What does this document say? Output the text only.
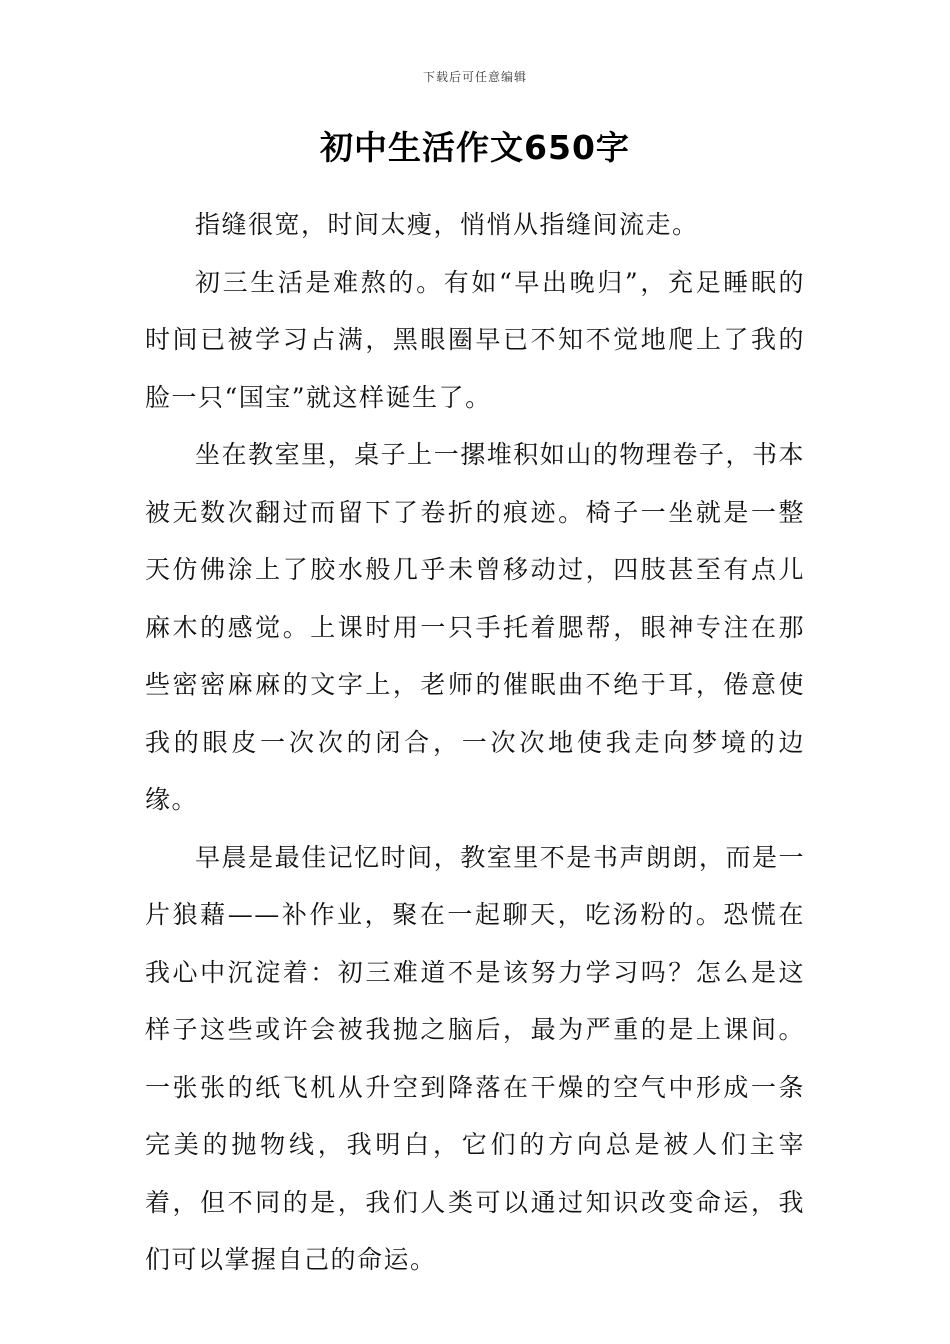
下载后可任意编辑
初中生活作文650字

指缝很宽，时间太瘦，悄悄从指缝间流走。

初三生活是难熬的。有如“早出晚归”，充足睡眠的时间已被学习占满，黑眼圈早已不知不觉地爬上了我的脸一只“国宝”就这样诞生了。

坐在教室里，桌子上一摞堆积如山的物理卷子，书本被无数次翻过而留下了卷折的痕迹。椅子一坐就是一整天仿佛涂上了胶水般几乎未曾移动过，四肢甚至有点儿麻木的感觉。上课时用一只手托着腮帮，眼神专注在那些密密麻麻的文字上，老师的催眠曲不绝于耳，倦意使我的眼皮一次次的闭合，一次次地使我走向梦境的边缘。

早晨是最佳记忆时间，教室里不是书声朗朗，而是一片狼藉——补作业，聚在一起聊天，吃汤粉的。恐慌在我心中沉淀着：初三难道不是该努力学习吗？怎么是这样子这些或许会被我抛之脑后，最为严重的是上课间。一张张的纸飞机从升空到降落在干燥的空气中形成一条完美的抛物线，我明白，它们的方向总是被人们主宰着，但不同的是，我们人类可以通过知识改变命运，我们可以掌握自己的命运。
